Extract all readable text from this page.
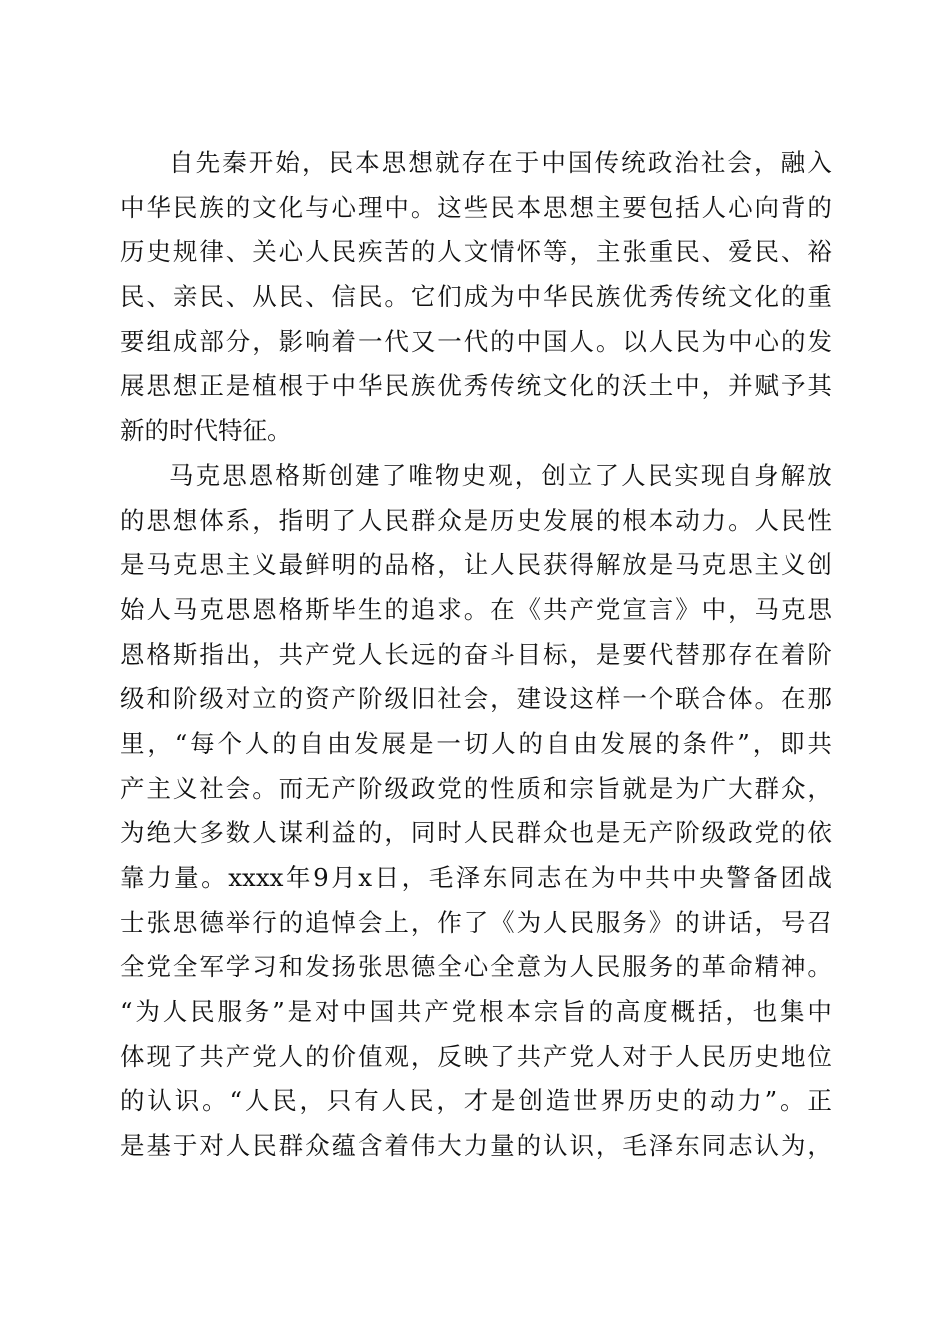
自 先 秦 开 始 ， 民 本 思 想 就 存 在 于 中 国 传 统 政 治 社 会 ， 融 入
中 华 民 族 的 文 化 与 心 理 中 。 这 些 民 本 思 想 主 要 包 括 人 心 向 背 的
历 史 规 律 、 关 心 人 民 疾 苦 的 人 文 情 怀 等 ， 主 张 重 民 、 爱 民 、 裕
民 、 亲 民 、 从 民 、 信 民 。 它 们 成 为 中 华 民 族 优 秀 传 统 文 化 的 重
要 组 成 部 分 ， 影 响 着 一 代 又 一 代 的 中 国 人 。 以 人 民 为 中 心 的 发
展 思 想 正 是 植 根 于 中 华 民 族 优 秀 传 统 文 化 的 沃 土 中 ， 并 赋 予 其
新的时代特征。
马 克 思 恩 格 斯 创 建 了 唯 物 史 观 ， 创 立 了 人 民 实 现 自 身 解 放
的 思 想 体 系 ， 指 明 了 人 民 群 众 是 历 史 发 展 的 根 本 动 力 。 人 民 性
是 马 克 思 主 义 最 鲜 明 的 品 格 ， 让 人 民 获 得 解 放 是 马 克 思 主 义 创
始 人 马 克 思 恩 格 斯 毕 生 的 追 求 。 在 《 共 产 党 宣 言 》 中 ， 马 克 思
恩 格 斯 指 出 ， 共 产 党 人 长 远 的 奋 斗 目 标 ， 是 要 代 替 那 存 在 着 阶
级 和 阶 级 对 立 的 资 产 阶 级 旧 社 会 ， 建 设 这 样 一 个 联 合 体 。 在 那
里 ， “ 每 个 人 的 自 由 发 展 是 一 切 人 的 自 由 发 展 的 条 件 ” ， 即 共
产 主 义 社 会 。 而 无 产 阶 级 政 党 的 性 质 和 宗 旨 就 是 为 广 大 群 众 ，
为 绝 大 多 数 人 谋 利 益 的 ， 同 时 人 民 群 众 也 是 无 产 阶 级 政 党 的 依
靠 力 量 。 xxxx 年 9 月 x 日 ， 毛 泽 东 同 志 在 为 中 共 中 央 警 备 团 战
士 张 思 德 举 行 的 追 悼 会 上 ， 作 了 《 为 人 民 服 务 》 的 讲 话 ， 号 召
全 党 全 军 学 习 和 发 扬 张 思 德 全 心 全 意 为 人 民 服 务 的 革 命 精 神 。
“ 为 人 民 服 务 ” 是 对 中 国 共 产 党 根 本 宗 旨 的 高 度 概 括 ， 也 集 中
体 现 了 共 产 党 人 的 价 值 观 ， 反 映 了 共 产 党 人 对 于 人 民 历 史 地 位
的 认 识 。 “ 人 民 ， 只 有 人 民 ， 才 是 创 造 世 界 历 史 的 动 力 ” 。 正
是 基 于 对 人 民 群 众 蕴 含 着 伟 大 力 量 的 认 识 ， 毛 泽 东 同 志 认 为 ，
